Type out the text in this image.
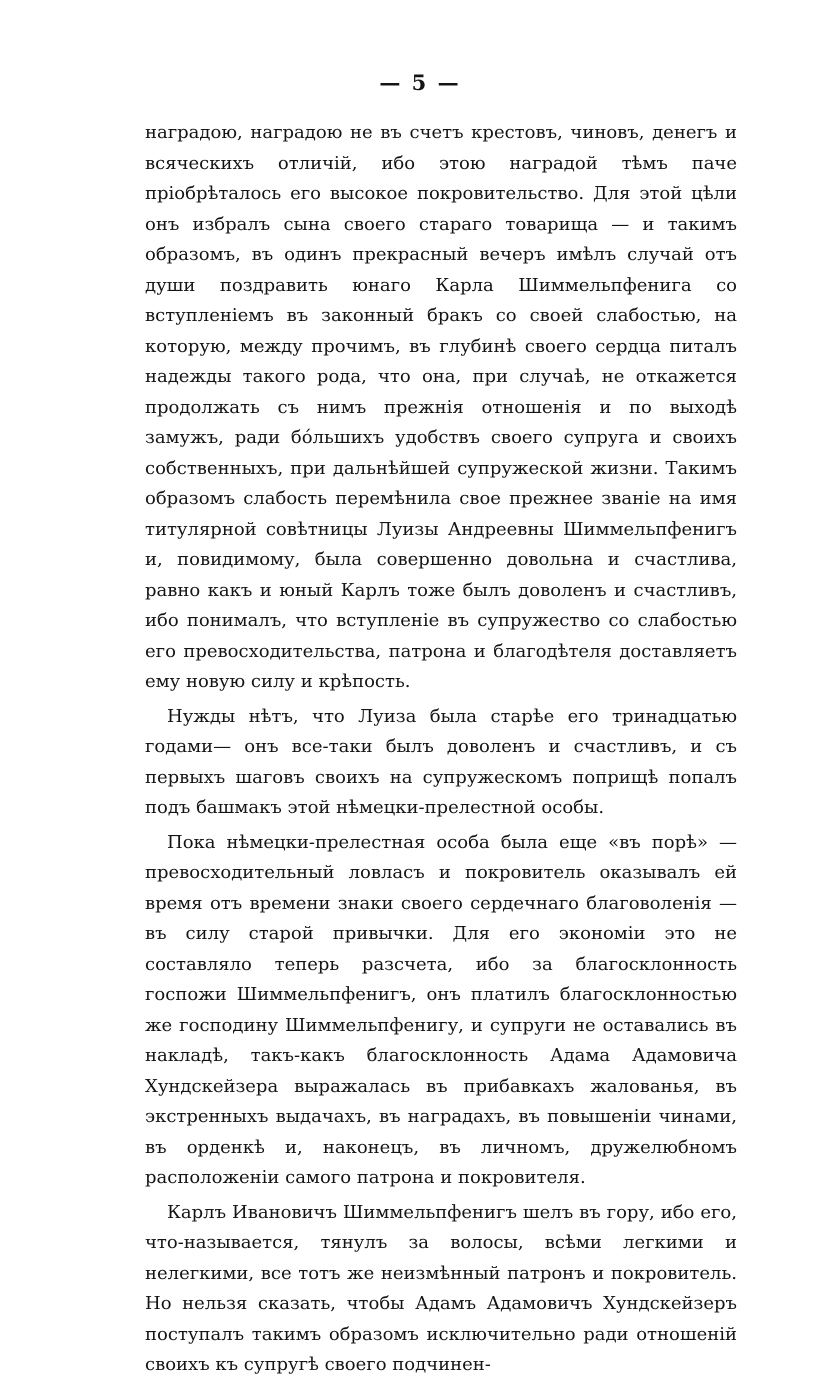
— 5 —

наградою, наградою не въ счетъ крестовъ, чиновъ, денегъ и всяческихъ отличій, ибо этою наградой тѣмъ паче пріобрѣталось его высокое покровительство. Для этой цѣли онъ избралъ сына своего стараго товарища — и такимъ образомъ, въ одинъ прекрасный вечеръ имѣлъ случай отъ души поздравить юнаго Карла Шиммельпфенига со вступленіемъ въ законный бракъ со своей слабостью, на которую, между прочимъ, въ глубинѣ своего сердца питалъ надежды такого рода, что она, при случаѣ, не откажется продолжать съ нимъ прежнія отношенія и по выходѣ замужъ, ради бóльшихъ удобствъ своего супруга и своихъ собственныхъ, при дальнѣйшей супружеской жизни. Такимъ образомъ слабость перемѣнила свое прежнее званіе на имя титулярной совѣтницы Луизы Андреевны Шиммельпфенигъ и, повидимому, была совершенно довольна и счастлива, равно какъ и юный Карлъ тоже былъ доволенъ и счастливъ, ибо понималъ, что вступленіе въ супружество со слабостью его превосходительства, патрона и благодѣтеля доставляетъ ему новую силу и крѣпость.

Нужды нѣтъ, что Луиза была старѣе его тринадцатью годами— онъ все-таки былъ доволенъ и счастливъ, и съ первыхъ шаговъ своихъ на супружескомъ поприщѣ попалъ подъ башмакъ этой нѣмецки-прелестной особы.

Пока нѣмецки-прелестная особа была еще «въ порѣ» — превосходительный ловласъ и покровитель оказывалъ ей время отъ времени знаки своего сердечнаго благоволенія — въ силу старой привычки. Для его экономіи это не составляло теперь разсчета, ибо за благосклонность госпожи Шиммельпфенигъ, онъ платилъ благосклонностью же господину Шиммельпфенигу, и супруги не оставались въ накладѣ, такъ-какъ благосклонность Адама Адамовича Хундскейзера выражалась въ прибавкахъ жалованья, въ экстренныхъ выдачахъ, въ наградахъ, въ повышеніи чинами, въ орденкѣ и, наконецъ, въ личномъ, дружелюбномъ расположеніи самого патрона и покровителя.

Карлъ Ивановичъ Шиммельпфенигъ шелъ въ гору, ибо его, что-называется, тянулъ за волосы, всѣми легкими и нелегкими, все тотъ же неизмѣнный патронъ и покровитель. Но нельзя сказать, чтобы Адамъ Адамовичъ Хундскейзеръ поступалъ такимъ образомъ исключительно ради отношеній своихъ къ супругѣ своего подчинен-
